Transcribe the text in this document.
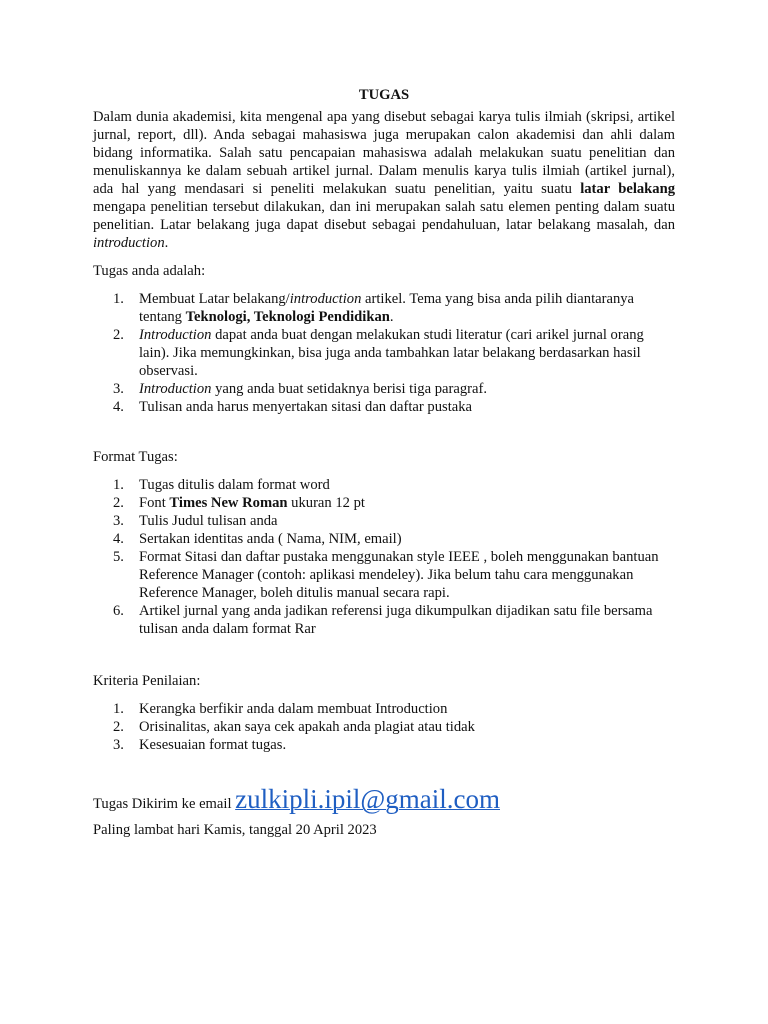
TUGAS

Dalam dunia akademisi, kita mengenal apa yang disebut sebagai karya tulis ilmiah (skripsi, artikel jurnal, report, dll). Anda sebagai mahasiswa juga merupakan calon akademisi dan ahli dalam bidang informatika. Salah satu pencapaian mahasiswa adalah melakukan suatu penelitian dan menuliskannya ke dalam sebuah artikel jurnal. Dalam menulis karya tulis ilmiah (artikel jurnal), ada hal yang mendasari si peneliti melakukan suatu penelitian, yaitu suatu latar belakang mengapa penelitian tersebut dilakukan, dan ini merupakan salah satu elemen penting dalam suatu penelitian. Latar belakang juga dapat disebut sebagai pendahuluan, latar belakang masalah, dan introduction.

Tugas anda adalah:

1. Membuat Latar belakang/introduction artikel. Tema yang bisa anda pilih diantaranya tentang Teknologi, Teknologi Pendidikan.
2. Introduction dapat anda buat dengan melakukan studi literatur (cari arikel jurnal orang lain). Jika memungkinkan, bisa juga anda tambahkan latar belakang berdasarkan hasil observasi.
3. Introduction yang anda buat setidaknya berisi tiga paragraf.
4. Tulisan anda harus menyertakan sitasi dan daftar pustaka

Format Tugas:

1. Tugas ditulis dalam format word
2. Font Times New Roman ukuran 12 pt
3. Tulis Judul tulisan anda
4. Sertakan identitas anda ( Nama, NIM, email)
5. Format Sitasi dan daftar pustaka menggunakan style IEEE , boleh menggunakan bantuan Reference Manager (contoh: aplikasi mendeley). Jika belum tahu cara menggunakan Reference Manager, boleh ditulis manual secara rapi.
6. Artikel jurnal yang anda jadikan referensi juga dikumpulkan dijadikan satu file bersama tulisan anda dalam format Rar

Kriteria Penilaian:

1. Kerangka berfikir anda dalam membuat Introduction
2. Orisinalitas, akan saya cek apakah anda plagiat atau tidak
3. Kesesuaian format tugas.

Tugas Dikirim ke email zulkipli.ipil@gmail.com

Paling lambat hari Kamis, tanggal 20 April 2023
